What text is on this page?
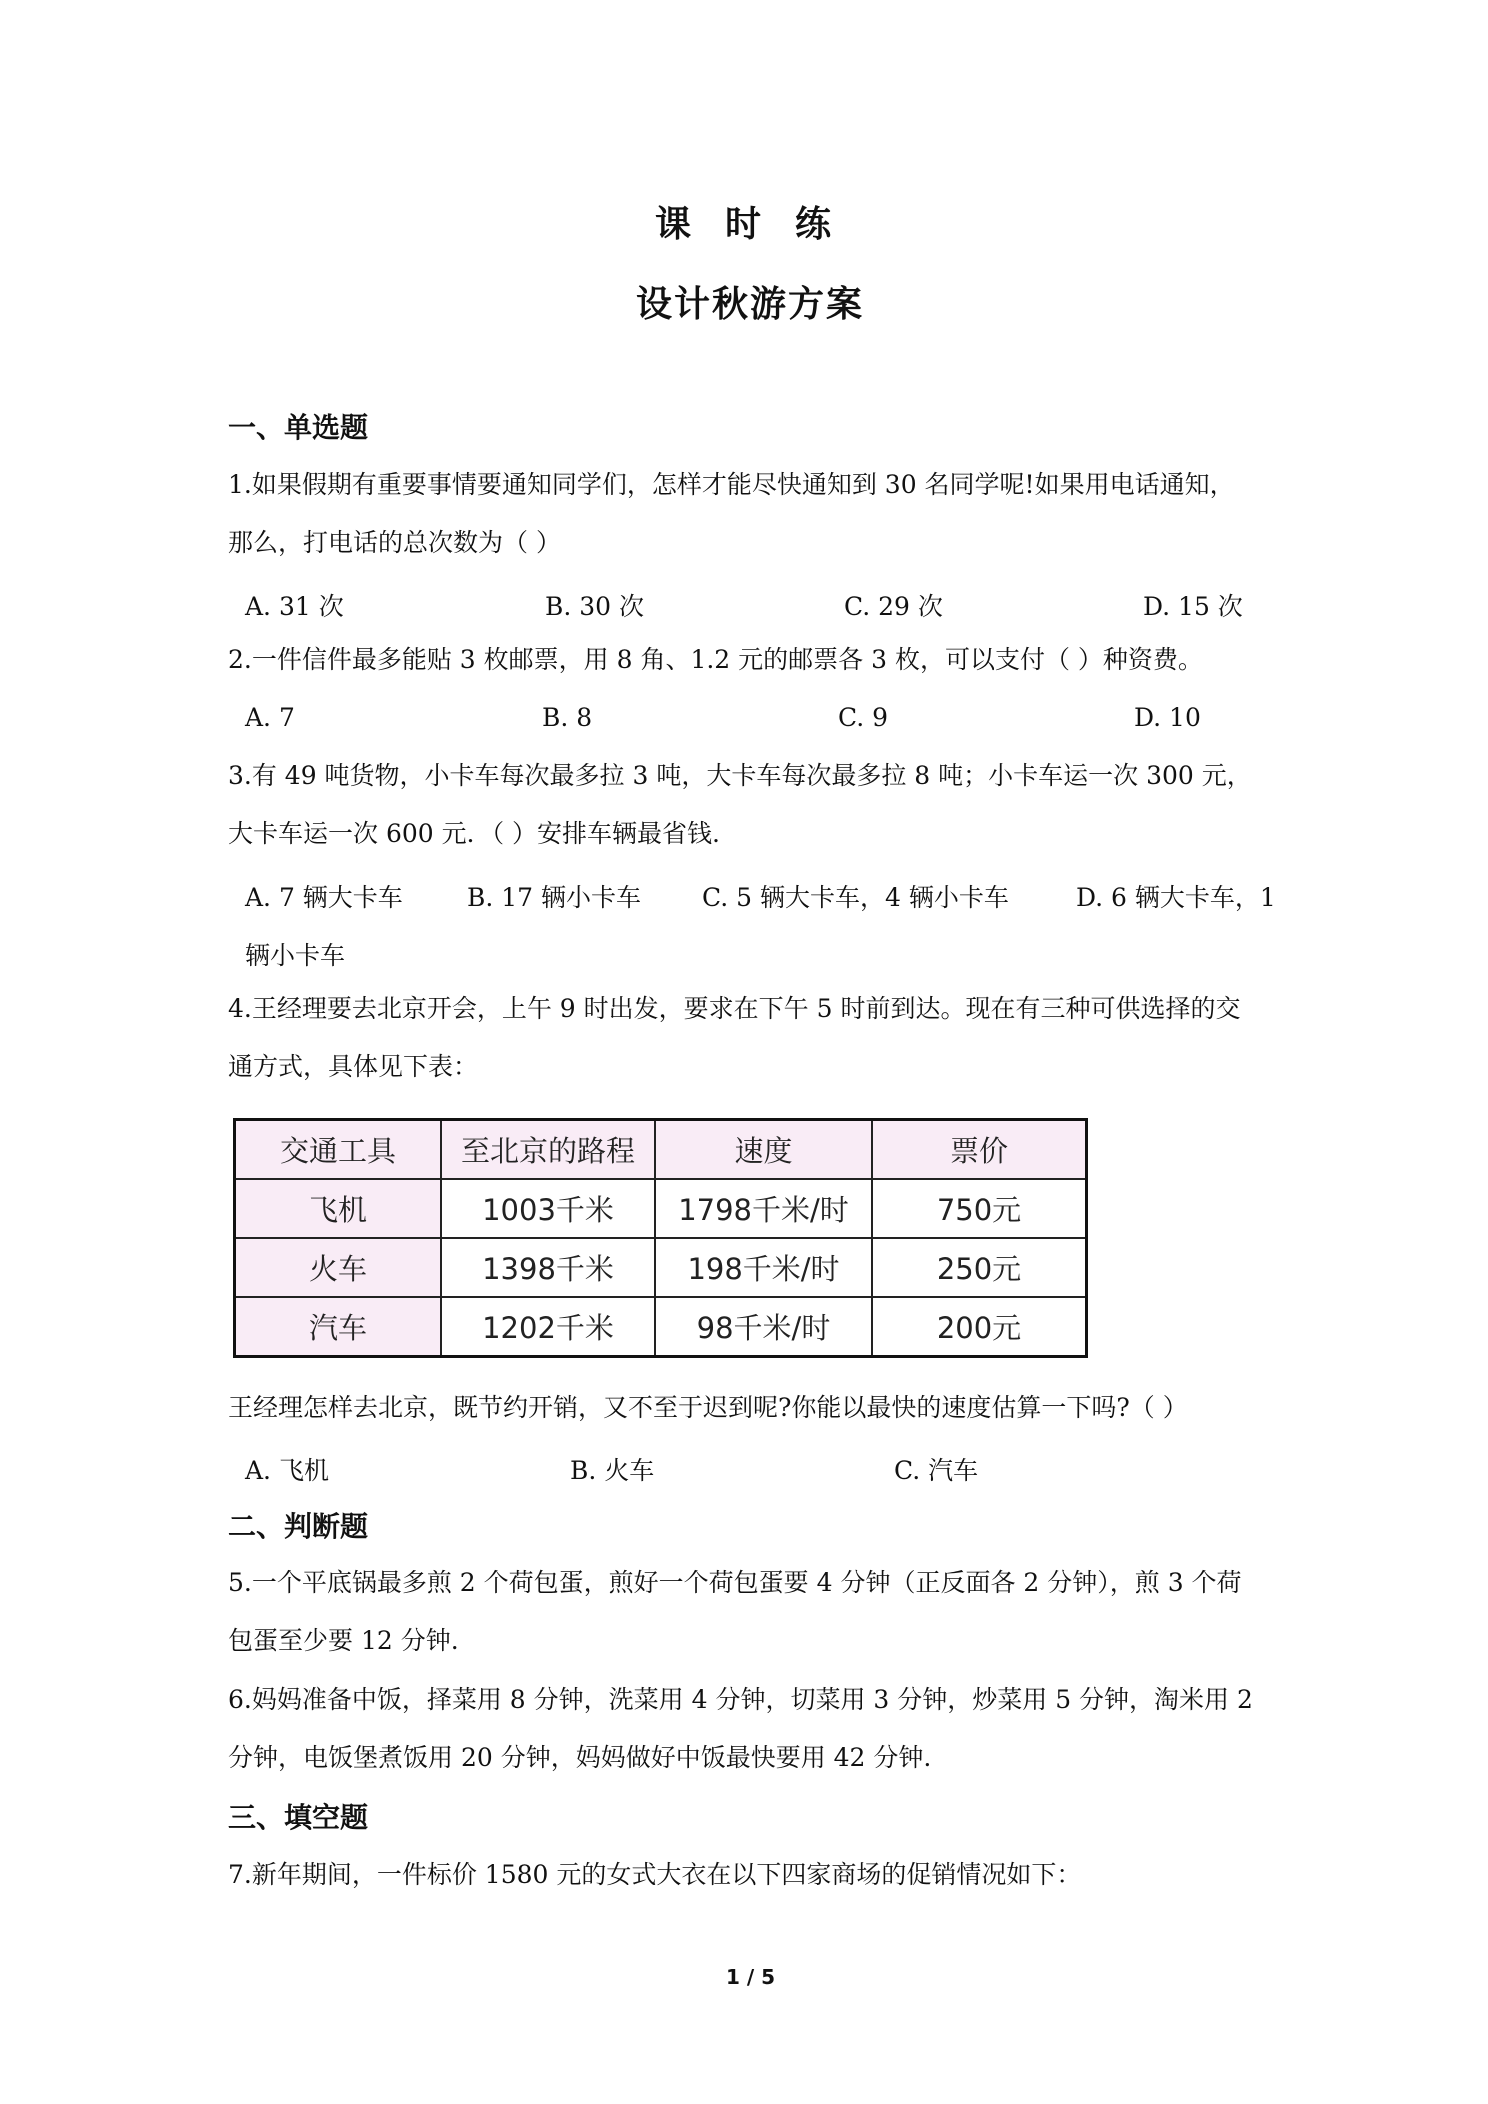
课时练
设计秋游方案
一、单选题
1.如果假期有重要事情要通知同学们，怎样才能尽快通知到 30 名同学呢!如果用电话通知，
那么，打电话的总次数为（ ）
A. 31 次	B. 30 次	C. 29 次	D. 15 次
2.一件信件最多能贴 3 枚邮票，用 8 角、1.2 元的邮票各 3 枚，可以支付（ ）种资费。
A. 7	B. 8	C. 9	D. 10
3.有 49 吨货物，小卡车每次最多拉 3 吨，大卡车每次最多拉 8 吨；小卡车运一次 300 元，
大卡车运一次 600 元．（ ）安排车辆最省钱.
A. 7 辆大卡车	B. 17 辆小卡车 C. 5 辆大卡车，4 辆小卡车	D. 6 辆大卡车，1
辆小卡车
4.王经理要去北京开会，上午 9 时出发，要求在下午 5 时前到达。现在有三种可供选择的交
通方式，具体见下表：
交通工具	至北京的路程	速度	票价
飞机	1003千米	1798千米/时	750元
火车	1398千米	198千米/时	250元
汽车	1202千米	98千米/时	200元
王经理怎样去北京，既节约开销，又不至于迟到呢?你能以最快的速度估算一下吗?（ ）
A. 飞机	B. 火车	C. 汽车
二、判断题
5.一个平底锅最多煎 2 个荷包蛋，煎好一个荷包蛋要 4 分钟（正反面各 2 分钟），煎 3 个荷
包蛋至少要 12 分钟.
6.妈妈准备中饭，择菜用 8 分钟，洗菜用 4 分钟，切菜用 3 分钟，炒菜用 5 分钟，淘米用 2
分钟，电饭堡煮饭用 20 分钟，妈妈做好中饭最快要用 42 分钟.
三、填空题
7.新年期间，一件标价 1580 元的女式大衣在以下四家商场的促销情况如下：
1 / 5
